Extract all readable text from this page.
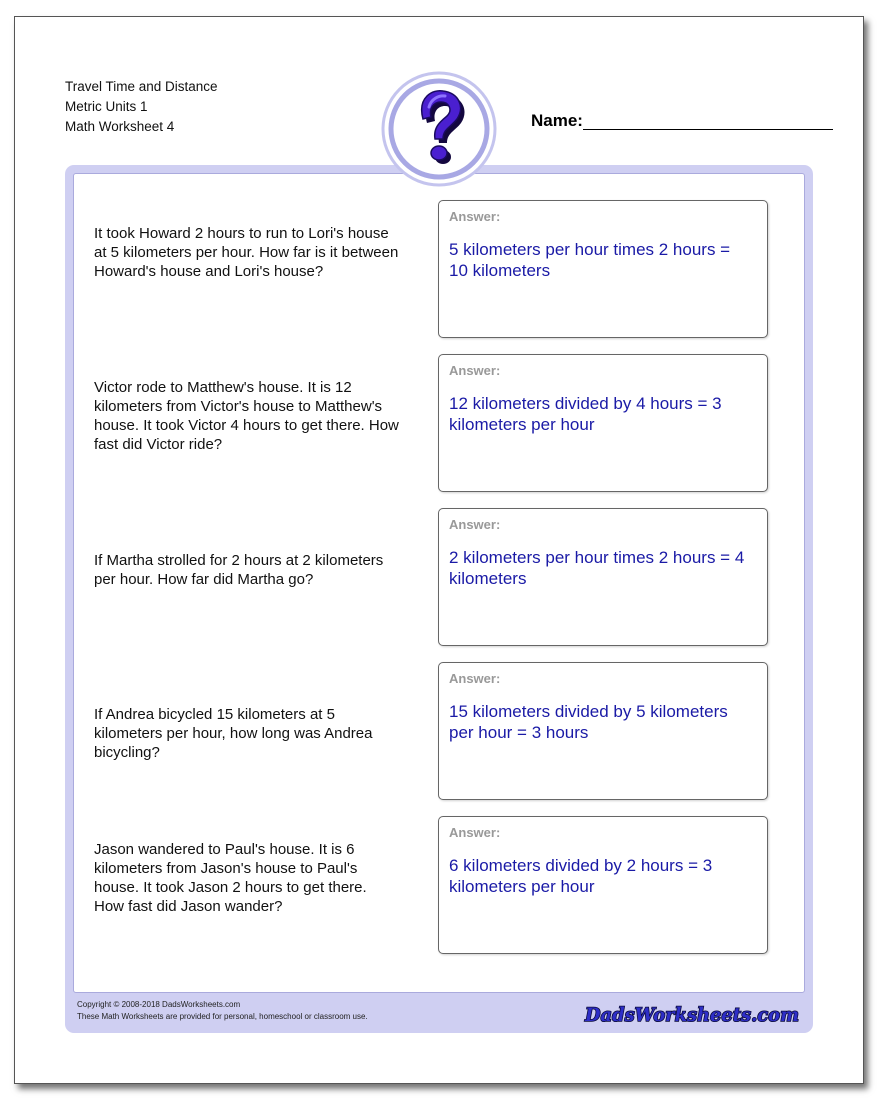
Travel Time and Distance
Metric Units 1
Math Worksheet 4	Name:
It took Howard 2 hours to run to Lori's house at 5 kilometers per hour. How far is it between Howard's house and Lori's house?
Answer:
5 kilometers per hour times 2 hours = 10 kilometers
Victor rode to Matthew's house. It is 12 kilometers from Victor's house to Matthew's house. It took Victor 4 hours to get there. How fast did Victor ride?
Answer:
12 kilometers divided by 4 hours = 3 kilometers per hour
If Martha strolled for 2 hours at 2 kilometers per hour. How far did Martha go?
Answer:
2 kilometers per hour times 2 hours = 4 kilometers
If Andrea bicycled 15 kilometers at 5 kilometers per hour, how long was Andrea bicycling?
Answer:
15 kilometers divided by 5 kilometers per hour = 3 hours
Jason wandered to Paul's house. It is 6 kilometers from Jason's house to Paul's house. It took Jason 2 hours to get there. How fast did Jason wander?
Answer:
6 kilometers divided by 2 hours = 3 kilometers per hour
Copyright © 2008-2018 DadsWorksheets.com
These Math Worksheets are provided for personal, homeschool or classroom use.	DadsWorksheets.com
